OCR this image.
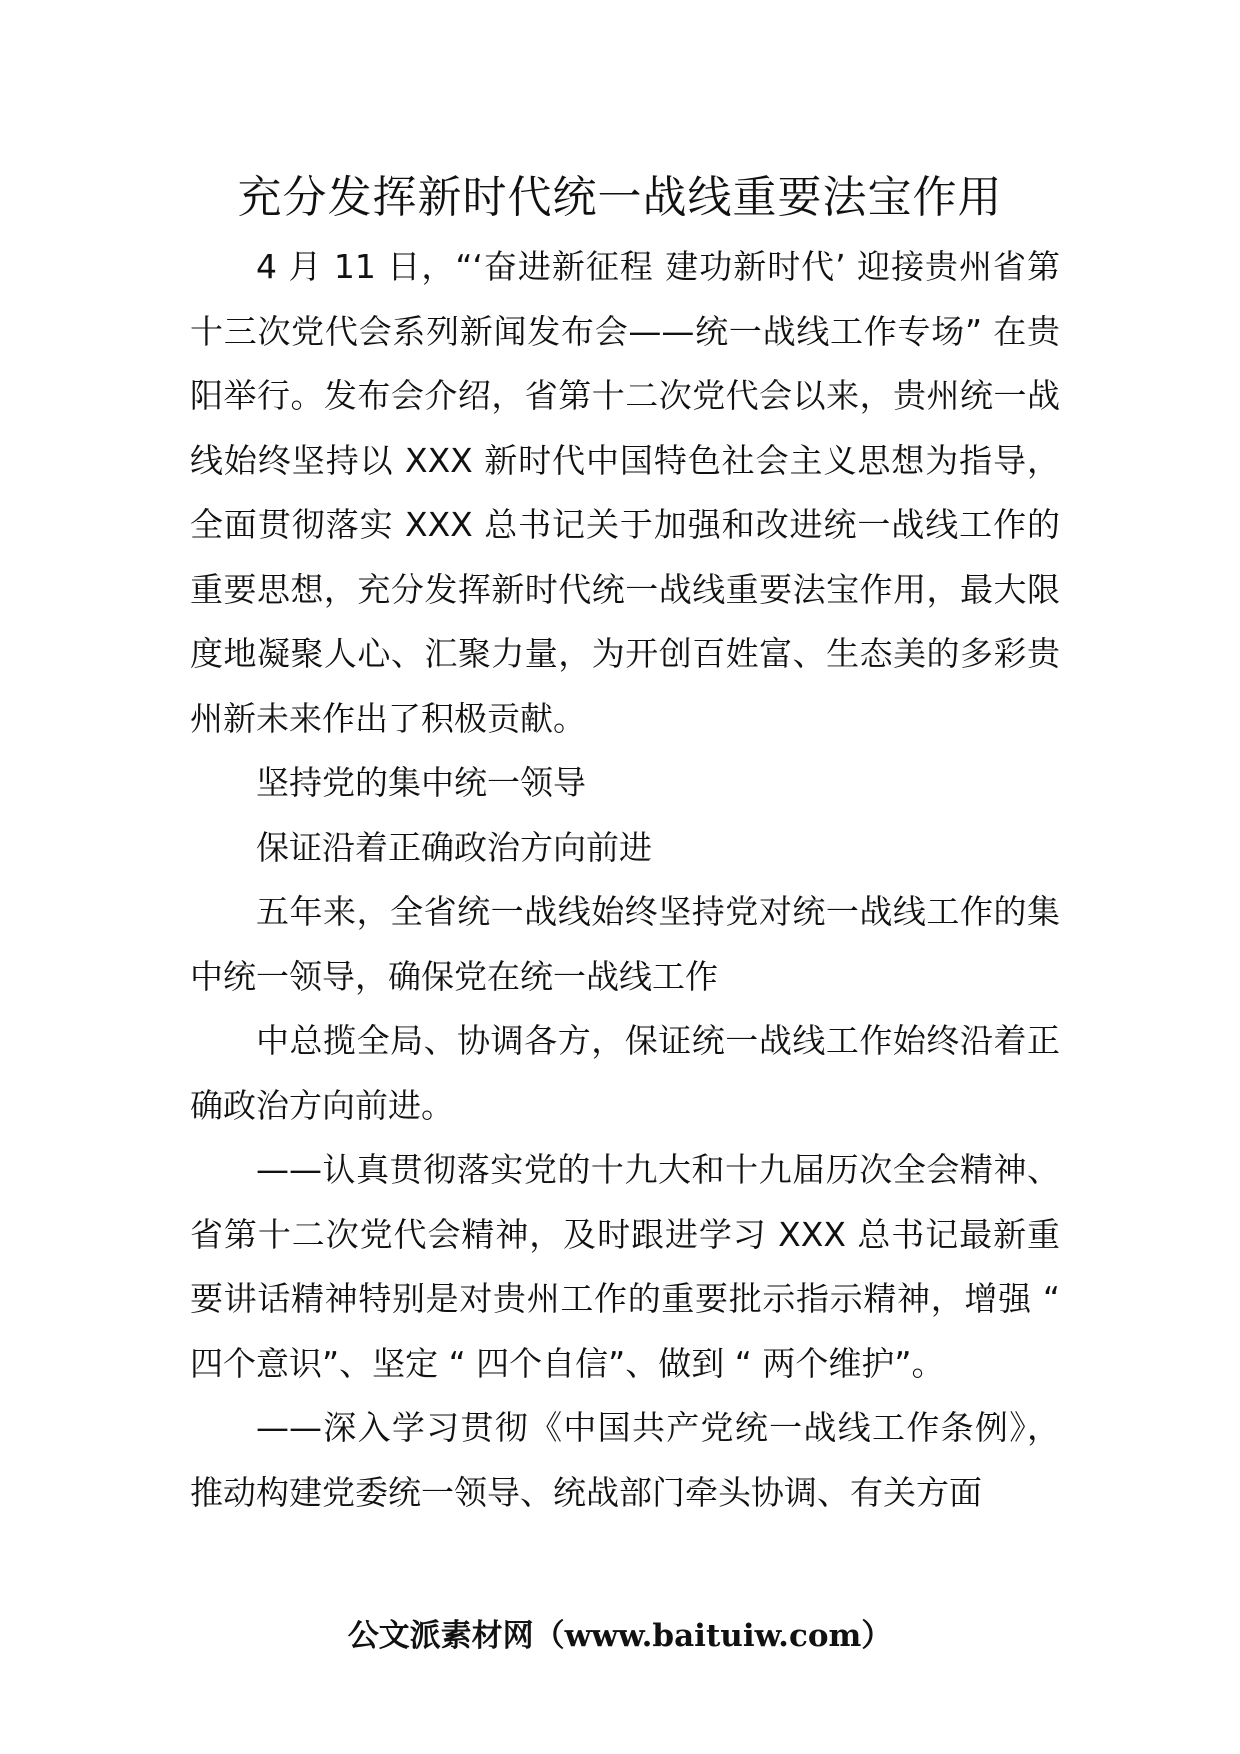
充分发挥新时代统一战线重要法宝作用

4 月 11 日，“‘奋进新征程 建功新时代’ 迎接贵州省第十三次党代会系列新闻发布会——统一战线工作专场” 在贵阳举行。发布会介绍，省第十二次党代会以来，贵州统一战线始终坚持以 XXX 新时代中国特色社会主义思想为指导，全面贯彻落实 XXX 总书记关于加强和改进统一战线工作的重要思想，充分发挥新时代统一战线重要法宝作用，最大限度地凝聚人心、汇聚力量，为开创百姓富、生态美的多彩贵州新未来作出了积极贡献。

坚持党的集中统一领导

保证沿着正确政治方向前进

五年来，全省统一战线始终坚持党对统一战线工作的集中统一领导，确保党在统一战线工作

中总揽全局、协调各方，保证统一战线工作始终沿着正确政治方向前进。

——认真贯彻落实党的十九大和十九届历次全会精神、省第十二次党代会精神，及时跟进学习 XXX 总书记最新重要讲话精神特别是对贵州工作的重要批示指示精神，增强 “ 四个意识”、坚定 “ 四个自信”、做到 “ 两个维护”。

——深入学习贯彻《中国共产党统一战线工作条例》，推动构建党委统一领导、统战部门牵头协调、有关方面

公文派素材网（www.baituiw.com）
